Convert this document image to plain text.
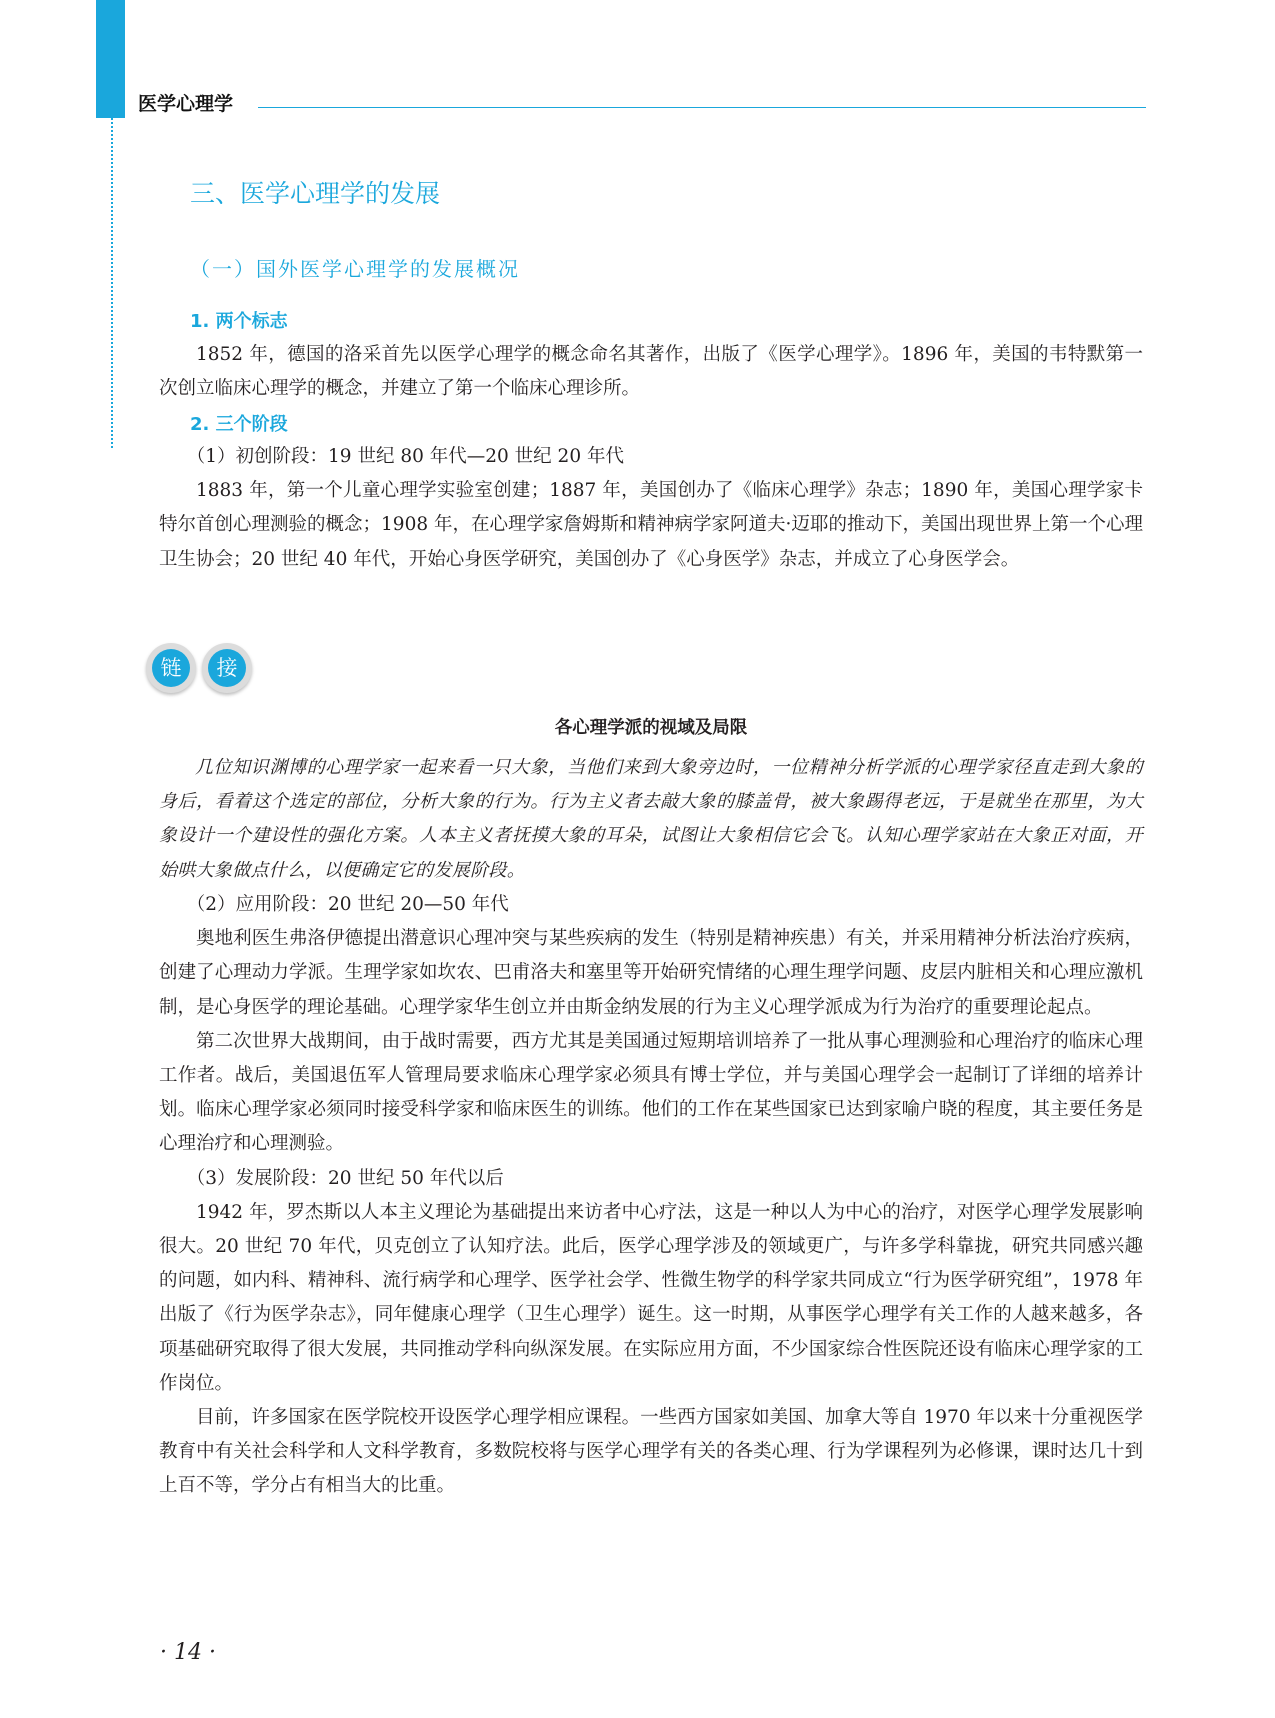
医学心理学
三、医学心理学的发展
（一）国外医学心理学的发展概况
1. 两个标志

1852 年，德国的洛采首先以医学心理学的概念命名其著作，出版了《医学心理学》。1896 年，美国的韦特默第一次创立临床心理学的概念，并建立了第一个临床心理诊所。

2. 三个阶段

（1）初创阶段：19 世纪 80 年代—20 世纪 20 年代

1883 年，第一个儿童心理学实验室创建；1887 年，美国创办了《临床心理学》杂志；1890 年，美国心理学家卡特尔首创心理测验的概念；1908 年，在心理学家詹姆斯和精神病学家阿道夫·迈耶的推动下，美国出现世界上第一个心理卫生协会；20 世纪 40 年代，开始心身医学研究，美国创办了《心身医学》杂志，并成立了心身医学会。

链	接
各心理学派的视域及局限

几位知识渊博的心理学家一起来看一只大象，当他们来到大象旁边时，一位精神分析学派的心理学家径直走到大象的身后，看着这个选定的部位，分析大象的行为。行为主义者去敲大象的膝盖骨，被大象踢得老远，于是就坐在那里，为大象设计一个建设性的强化方案。人本主义者抚摸大象的耳朵，试图让大象相信它会飞。认知心理学家站在大象正对面，开始哄大象做点什么，以便确定它的发展阶段。

（2）应用阶段：20 世纪 20—50 年代

奥地利医生弗洛伊德提出潜意识心理冲突与某些疾病的发生（特别是精神疾患）有关，并采用精神分析法治疗疾病，创建了心理动力学派。生理学家如坎农、巴甫洛夫和塞里等开始研究情绪的心理生理学问题、皮层内脏相关和心理应激机制，是心身医学的理论基础。心理学家华生创立并由斯金纳发展的行为主义心理学派成为行为治疗的重要理论起点。

第二次世界大战期间，由于战时需要，西方尤其是美国通过短期培训培养了一批从事心理测验和心理治疗的临床心理工作者。战后，美国退伍军人管理局要求临床心理学家必须具有博士学位，并与美国心理学会一起制订了详细的培养计划。临床心理学家必须同时接受科学家和临床医生的训练。他们的工作在某些国家已达到家喻户晓的程度，其主要任务是心理治疗和心理测验。

（3）发展阶段：20 世纪 50 年代以后

1942 年，罗杰斯以人本主义理论为基础提出来访者中心疗法，这是一种以人为中心的治疗，对医学心理学发展影响很大。20 世纪 70 年代，贝克创立了认知疗法。此后，医学心理学涉及的领域更广，与许多学科靠拢，研究共同感兴趣的问题，如内科、精神科、流行病学和心理学、医学社会学、性微生物学的科学家共同成立“行为医学研究组”，1978 年出版了《行为医学杂志》，同年健康心理学（卫生心理学）诞生。这一时期，从事医学心理学有关工作的人越来越多，各项基础研究取得了很大发展，共同推动学科向纵深发展。在实际应用方面，不少国家综合性医院还设有临床心理学家的工作岗位。

目前，许多国家在医学院校开设医学心理学相应课程。一些西方国家如美国、加拿大等自 1970 年以来十分重视医学教育中有关社会科学和人文科学教育，多数院校将与医学心理学有关的各类心理、行为学课程列为必修课，课时达几十到上百不等，学分占有相当大的比重。

· 14 ·
